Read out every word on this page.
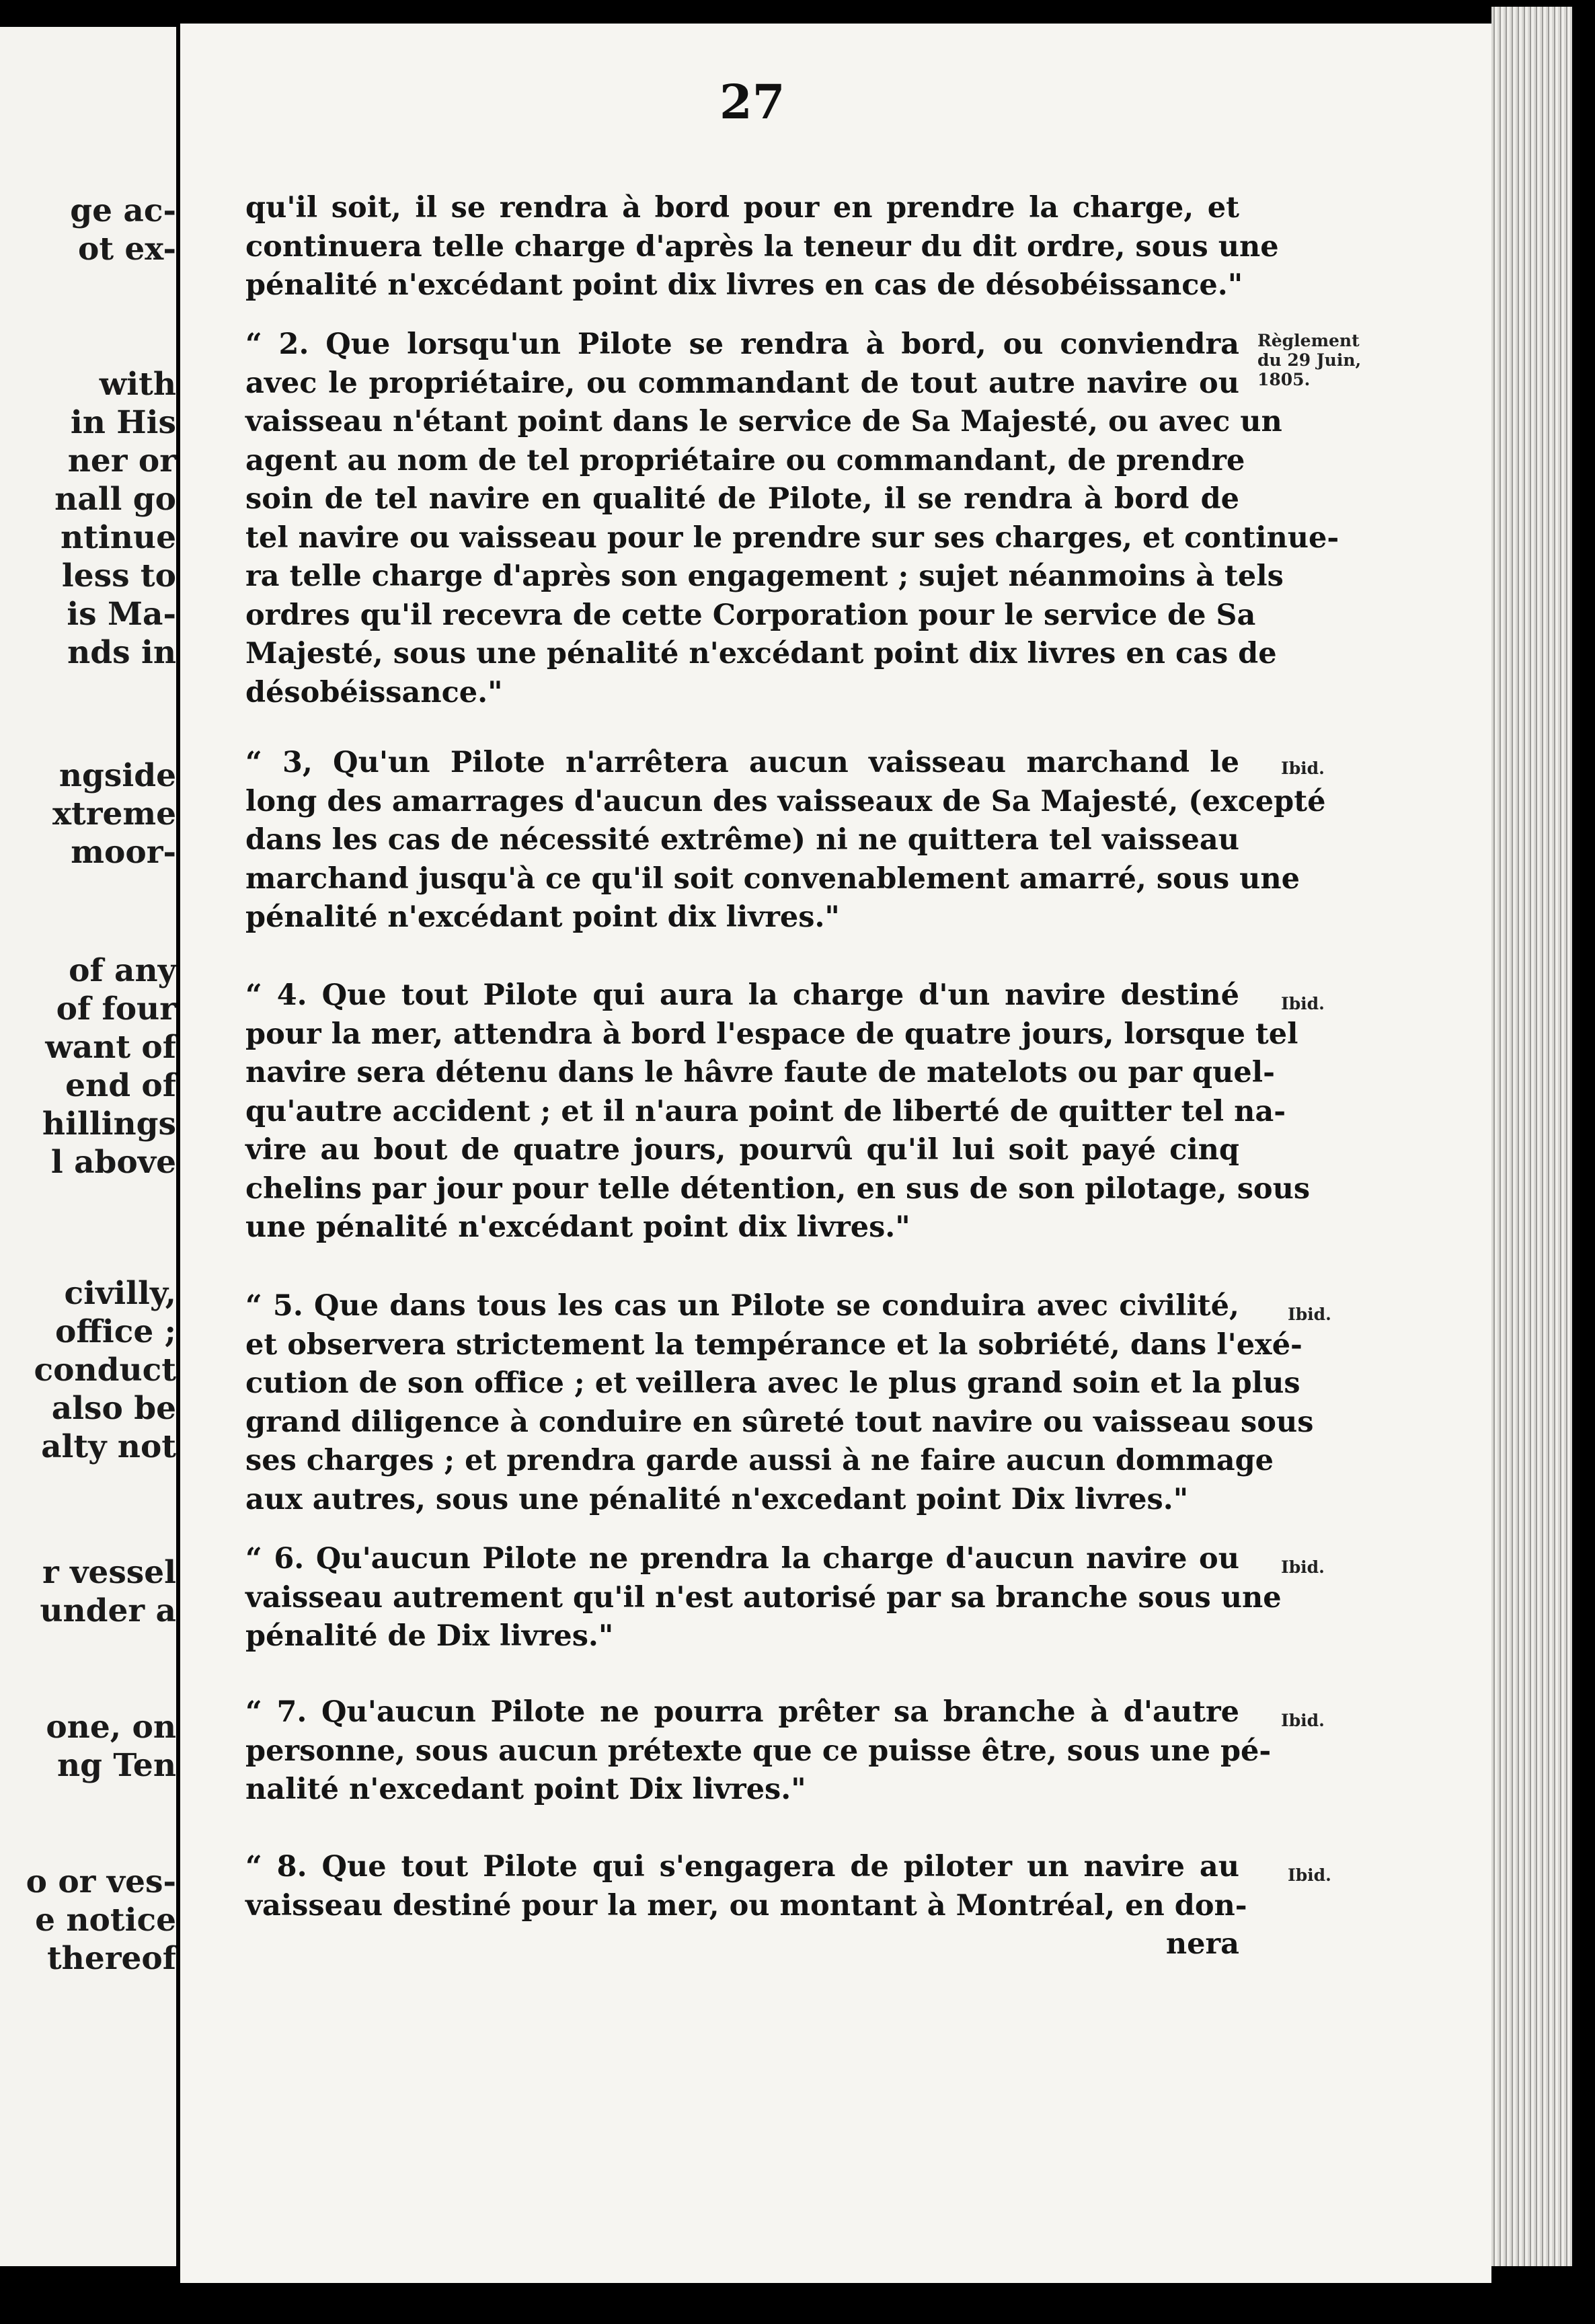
ge ac-
ot ex-
with
in His
ner or
nall go
ntinue
less to
is Ma-
nds in
ngside
xtreme
moor-
of any
of four
want of
end of
hillings
l above
civilly,
office ;
conduct
also be
alty not
r vessel
under a
one, on
ng Ten
o or ves-
e notice
thereof
27
qu'il soit, il se rendra à bord pour en prendre la charge, et
continuera telle charge d'après la teneur du dit ordre, sous une
pénalité n'excédant point dix livres en cas de désobéissance."
“ 2. Que lorsqu'un Pilote se rendra à bord, ou conviendra
avec le propriétaire, ou commandant de tout autre navire ou
vaisseau n'étant point dans le service de Sa Majesté, ou avec un
agent au nom de tel propriétaire ou commandant, de prendre
soin de tel navire en qualité de Pilote, il se rendra à bord de
tel navire ou vaisseau pour le prendre sur ses charges, et continue-
ra telle charge d'après son engagement ; sujet néanmoins à tels
ordres qu'il recevra de cette Corporation pour le service de Sa
Majesté, sous une pénalité n'excédant point dix livres en cas de
désobéissance."
“ 3, Qu'un Pilote n'arrêtera aucun vaisseau marchand le
long des amarrages d'aucun des vaisseaux de Sa Majesté, (excepté
dans les cas de nécessité extrême) ni ne quittera tel vaisseau
marchand jusqu'à ce qu'il soit convenablement amarré, sous une
pénalité n'excédant point dix livres."
“ 4. Que tout Pilote qui aura la charge d'un navire destiné
pour la mer, attendra à bord l'espace de quatre jours, lorsque tel
navire sera détenu dans le hâvre faute de matelots ou par quel-
qu'autre accident ; et il n'aura point de liberté de quitter tel na-
vire au bout de quatre jours, pourvû qu'il lui soit payé cinq
chelins par jour pour telle détention, en sus de son pilotage, sous
une pénalité n'excédant point dix livres."
“ 5. Que dans tous les cas un Pilote se conduira avec civilité,
et observera strictement la tempérance et la sobriété, dans l'exé-
cution de son office ; et veillera avec le plus grand soin et la plus
grand diligence à conduire en sûreté tout navire ou vaisseau sous
ses charges ; et prendra garde aussi à ne faire aucun dommage
aux autres, sous une pénalité n'excedant point Dix livres."
“ 6. Qu'aucun Pilote ne prendra la charge d'aucun navire ou
vaisseau autrement qu'il n'est autorisé par sa branche sous une
pénalité de Dix livres."
“ 7. Qu'aucun Pilote ne pourra prêter sa branche à d'autre
personne, sous aucun prétexte que ce puisse être, sous une pé-
nalité n'excedant point Dix livres."
“ 8. Que tout Pilote qui s'engagera de piloter un navire au
vaisseau destiné pour la mer, ou montant à Montréal, en don-
nera
Règlement
du 29 Juin,
1805.
Ibid.
Ibid.
Ibid.
Ibid.
Ibid.
Ibid.
